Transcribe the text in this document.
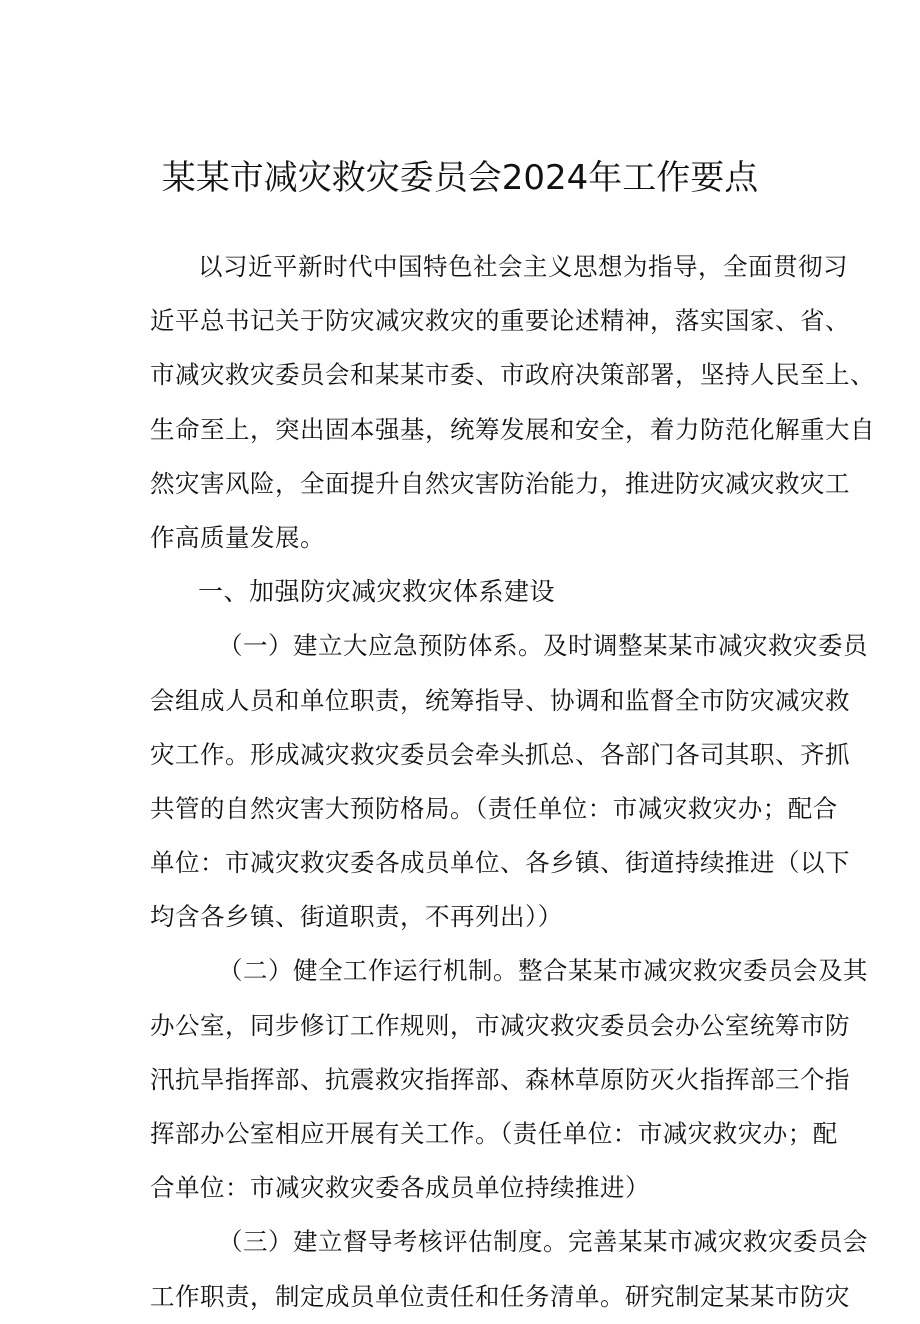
某某市减灾救灾委员会2024年工作要点
以习近平新时代中国特色社会主义思想为指导，全面贯彻习
近平总书记关于防灾减灾救灾的重要论述精神，落实国家、省、
市减灾救灾委员会和某某市委、市政府决策部署，坚持人民至上、
生命至上，突出固本强基，统筹发展和安全，着力防范化解重大自
然灾害风险，全面提升自然灾害防治能力，推进防灾减灾救灾工
作高质量发展。
一、加强防灾减灾救灾体系建设
（一）建立大应急预防体系。及时调整某某市减灾救灾委员
会组成人员和单位职责，统筹指导、协调和监督全市防灾减灾救
灾工作。形成减灾救灾委员会牵头抓总、各部门各司其职、齐抓
共管的自然灾害大预防格局。（责任单位：市减灾救灾办；配合
单位：市减灾救灾委各成员单位、各乡镇、街道持续推进（以下
均含各乡镇、街道职责，不再列出））
（二）健全工作运行机制。整合某某市减灾救灾委员会及其
办公室，同步修订工作规则，市减灾救灾委员会办公室统筹市防
汛抗旱指挥部、抗震救灾指挥部、森林草原防灭火指挥部三个指
挥部办公室相应开展有关工作。（责任单位：市减灾救灾办；配
合单位：市减灾救灾委各成员单位持续推进）
（三）建立督导考核评估制度。完善某某市减灾救灾委员会
工作职责，制定成员单位责任和任务清单。研究制定某某市防灾
